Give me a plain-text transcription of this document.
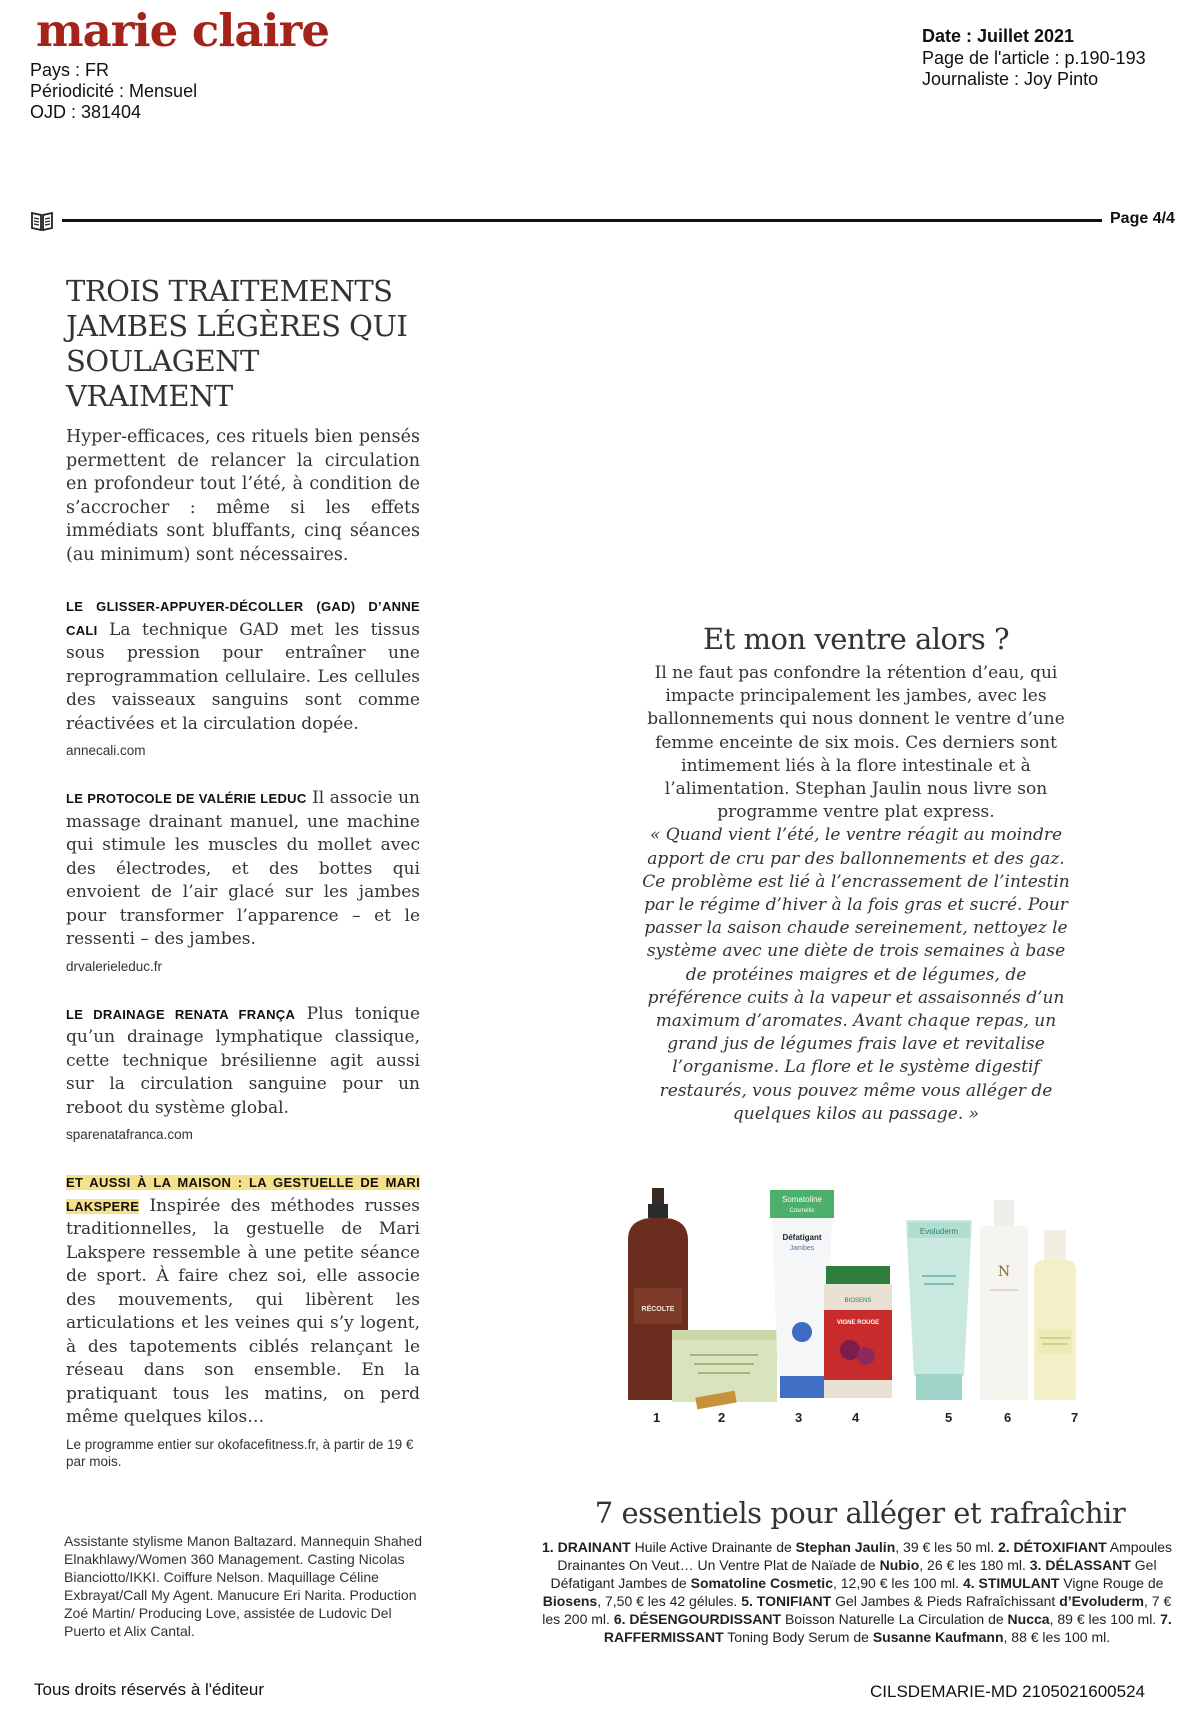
marie claire
Pays : FR
Périodicité : Mensuel
OJD : 381404
Date : Juillet 2021
Page de l'article : p.190-193
Journaliste : Joy Pinto
Page 4/4
TROIS TRAITEMENTS JAMBES LÉGÈRES QUI SOULAGENT VRAIMENT

Hyper-efficaces, ces rituels bien pensés permettent de relancer la circulation en profondeur tout l’été, à condition de s’accrocher : même si les effets immédiats sont bluffants, cinq séances (au minimum) sont nécessaires.

LE GLISSER-APPUYER-DÉCOLLER (GAD) D’ANNE CALI La technique GAD met les tissus sous pression pour entraîner une reprogrammation cellulaire. Les cellules des vaisseaux sanguins sont comme réactivées et la circulation dopée.
annecali.com
LE PROTOCOLE DE VALÉRIE LEDUC Il associe un massage drainant manuel, une machine qui stimule les muscles du mollet avec des électrodes, et des bottes qui envoient de l’air glacé sur les jambes pour transformer l’apparence – et le ressenti – des jambes.
drvalerieleduc.fr
LE DRAINAGE RENATA FRANÇA Plus tonique qu’un drainage lymphatique classique, cette technique brésilienne agit aussi sur la circulation sanguine pour un reboot du système global.
sparenatafranca.com
ET AUSSI À LA MAISON : LA GESTUELLE DE MARI LAKSPERE Inspirée des méthodes russes traditionnelles, la gestuelle de Mari Lakspere ressemble à une petite séance de sport. À faire chez soi, elle associe des mouvements, qui libèrent les articulations et les veines qui s’y logent, à des tapotements ciblés relançant le réseau dans son ensemble. En la pratiquant tous les matins, on perd même quelques kilos…
Le programme entier sur okofacefitness.fr, à partir de 19 € par mois.
Et mon ventre alors ?
Il ne faut pas confondre la rétention d’eau, qui impacte principalement les jambes, avec les ballonnements qui nous donnent le ventre d’une femme enceinte de six mois. Ces derniers sont intimement liés à la flore intestinale et à l’alimentation. Stephan Jaulin nous livre son programme ventre plat express.
« Quand vient l’été, le ventre réagit au moindre apport de cru par des ballonnements et des gaz. Ce problème est lié à l’encrassement de l’intestin par le régime d’hiver à la fois gras et sucré. Pour passer la saison chaude sereinement, nettoyez le système avec une diète de trois semaines à base de protéines maigres et de légumes, de préférence cuits à la vapeur et assaisonnés d’un maximum d’aromates. Avant chaque repas, un grand jus de légumes frais lave et revitalise l’organisme. La flore et le système digestif restaurés, vous pouvez même vous alléger de quelques kilos au passage. »
RÉCOLTE
Somatoline
Cosmetic
Défatigant
Jambes
BIOSENS
VIGNE ROUGE
Evoluderm
N
1	2	3	4	5	6	7
7 essentiels pour alléger et rafraîchir
1. DRAINANT Huile Active Drainante de Stephan Jaulin, 39 € les 50 ml. 2. DÉTOXIFIANT Ampoules Drainantes On Veut… Un Ventre Plat de Naïade de Nubio, 26 € les 180 ml. 3. DÉLASSANT Gel Défatigant Jambes de Somatoline Cosmetic, 12,90 € les 100 ml. 4. STIMULANT Vigne Rouge de Biosens, 7,50 € les 42 gélules. 5. TONIFIANT Gel Jambes & Pieds Rafraîchissant d’Evoluderm, 7 € les 200 ml. 6. DÉSENGOURDISSANT Boisson Naturelle La Circulation de Nucca, 89 € les 100 ml. 7. RAFFERMISSANT Toning Body Serum de Susanne Kaufmann, 88 € les 100 ml.
Assistante stylisme Manon Baltazard. Mannequin Shahed Elnakhlawy/Women 360 Management. Casting Nicolas Bianciotto/IKKI. Coiffure Nelson. Maquillage Céline Exbrayat/Call My Agent. Manucure Eri Narita. Production Zoé Martin/ Producing Love, assistée de Ludovic Del Puerto et Alix Cantal.
Tous droits réservés à l'éditeur	CILSDEMARIE-MD 2105021600524
